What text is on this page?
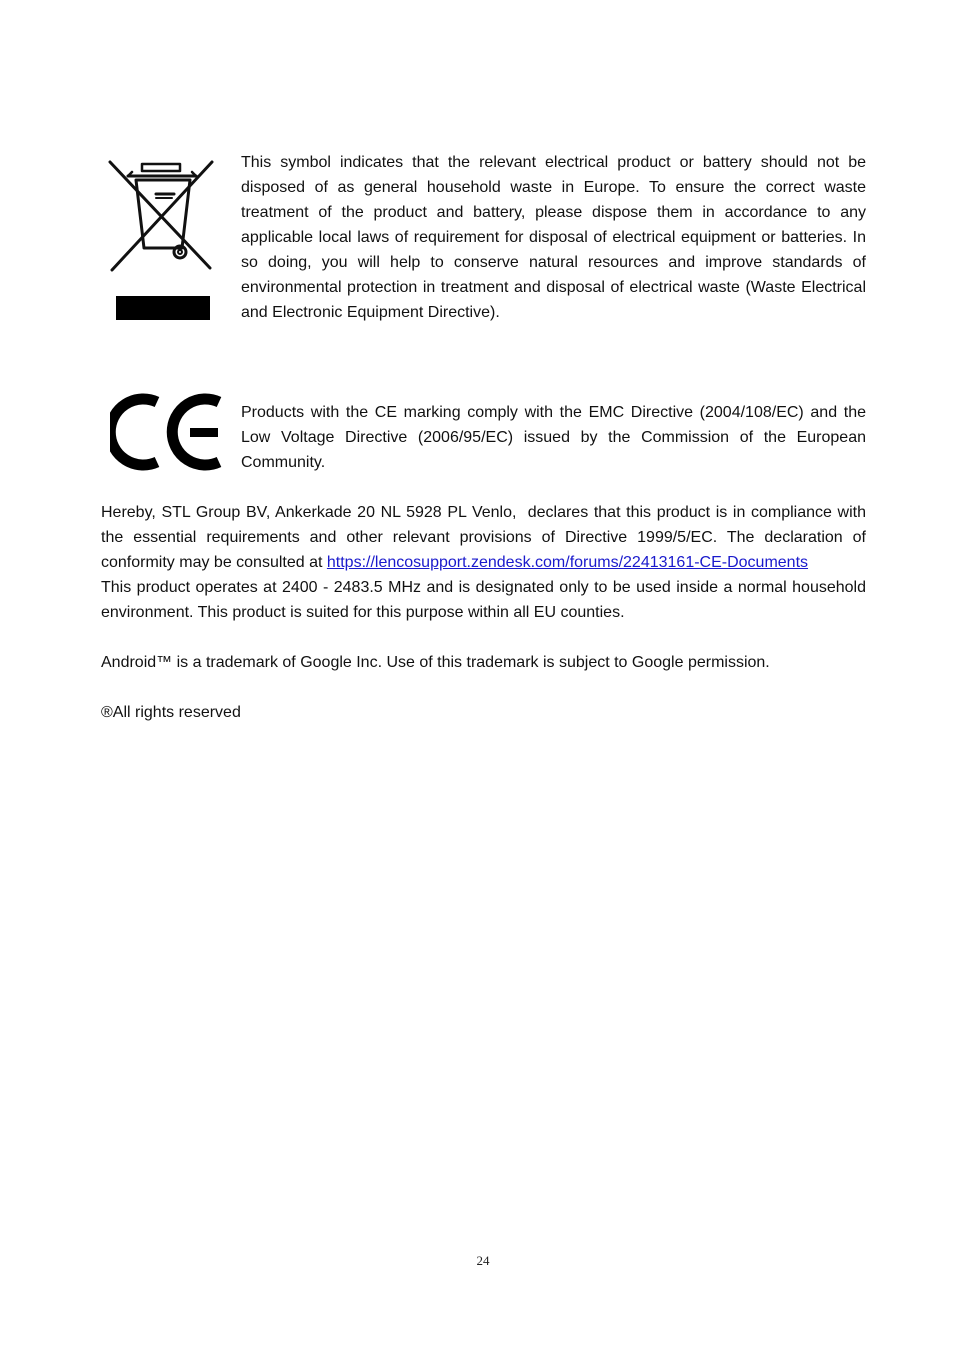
This symbol indicates that the relevant electrical product or battery should not be disposed of as general household waste in Europe. To ensure the correct waste treatment of the product and battery, please dispose them in accordance to any applicable local laws of requirement for disposal of electrical equipment or batteries. In so doing, you will help to conserve natural resources and improve standards of environmental protection in treatment and disposal of electrical waste (Waste Electrical and Electronic Equipment Directive).

Products with the CE marking comply with the EMC Directive (2004/108/EC) and the Low Voltage Directive (2006/95/EC) issued by the Commission of the European Community.

Hereby, STL Group BV, Ankerkade 20 NL 5928 PL Venlo,  declares that this product is in compliance with the essential requirements and other relevant provisions of Directive 1999/5/EC. The declaration of conformity may be consulted at https://lencosupport.zendesk.com/forums/22413161-CE-Documents
This product operates at 2400 - 2483.5 MHz and is designated only to be used inside a normal household environment. This product is suited for this purpose within all EU counties.

Android™ is a trademark of Google Inc. Use of this trademark is subject to Google permission.

®All rights reserved

24
